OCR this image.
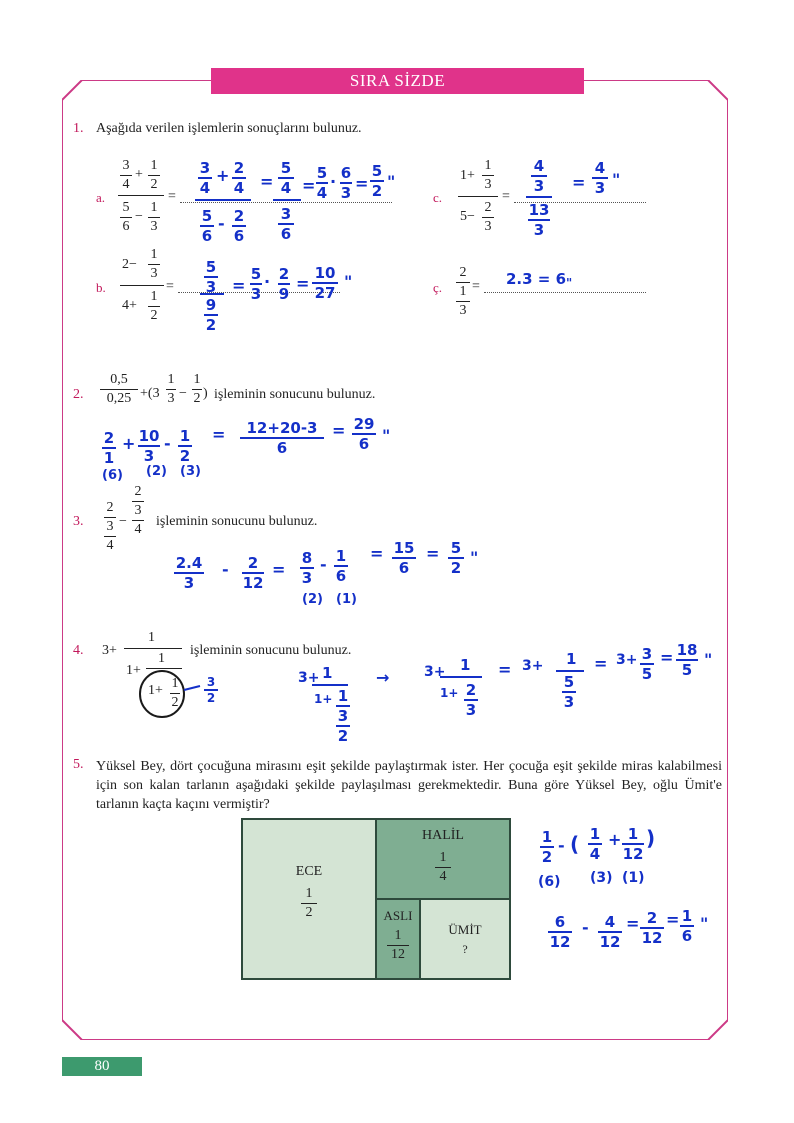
SIRA SİZDE
1. Aşağıda verilen işlemlerin sonuçlarını bulunuz.
a.
3
4
+
1
2
5
6
−
1
3
=
3
4
+ 2
4
5
6
- 2
6
=
5
4
3
6
=
5
4
· 6
3 =
5
2 "
b.
2−
1
3
4+
1
2
=
5
3
9
2
=
5
3
· 2
9
=
10
27
"
c.
1+
1
3
5−
2
3
=
4
3
13
3
=
4
3 "
ç.
2
1
3
= 2.3 = 6 "
2.
0,5
0,25 +(3
1
3 −
1
2 ) işleminin sonucunu bulunuz.
2
1
+ 10
3
- 1
2
(6) (2) (3)
=	12+20-3
6
= 29
6 "
3.
2
3
4
−
2
3
4
işleminin sonucunu bulunuz.
2.4
3
-	2
12
=
8
3
- 1
6
(2) (1)
= 15
6
= 5
2
"
4. 3+
1
1+
1
1+ 1
2
3
2
işleminin sonucunu bulunuz.
3+ 1
1+ 1
3
2
→ 3+ 1
1+ 2
3
= 3+ 1
5
3
= 3+ 3
5
= 18
5
"
5. Yüksel Bey, dört çocuğuna mirasını eşit şekilde paylaştırmak ister. Her çocuğa eşit şekilde miras kalabilmesi için son kalan tarlanın aşağıdaki şekilde paylaşılması gerekmektedir. Buna göre Yüksel Bey, oğlu Ümit'e tarlanın kaçta kaçını vermiştir?
ECE
1
2
HALİL
1
4
ASLI
1
12
ÜMİT
?
1
2
- ( 1
4
+ 1
12
)
(6) (3) (1)
6
12
-	4
12
= 2
12
= 1
6
"
80
